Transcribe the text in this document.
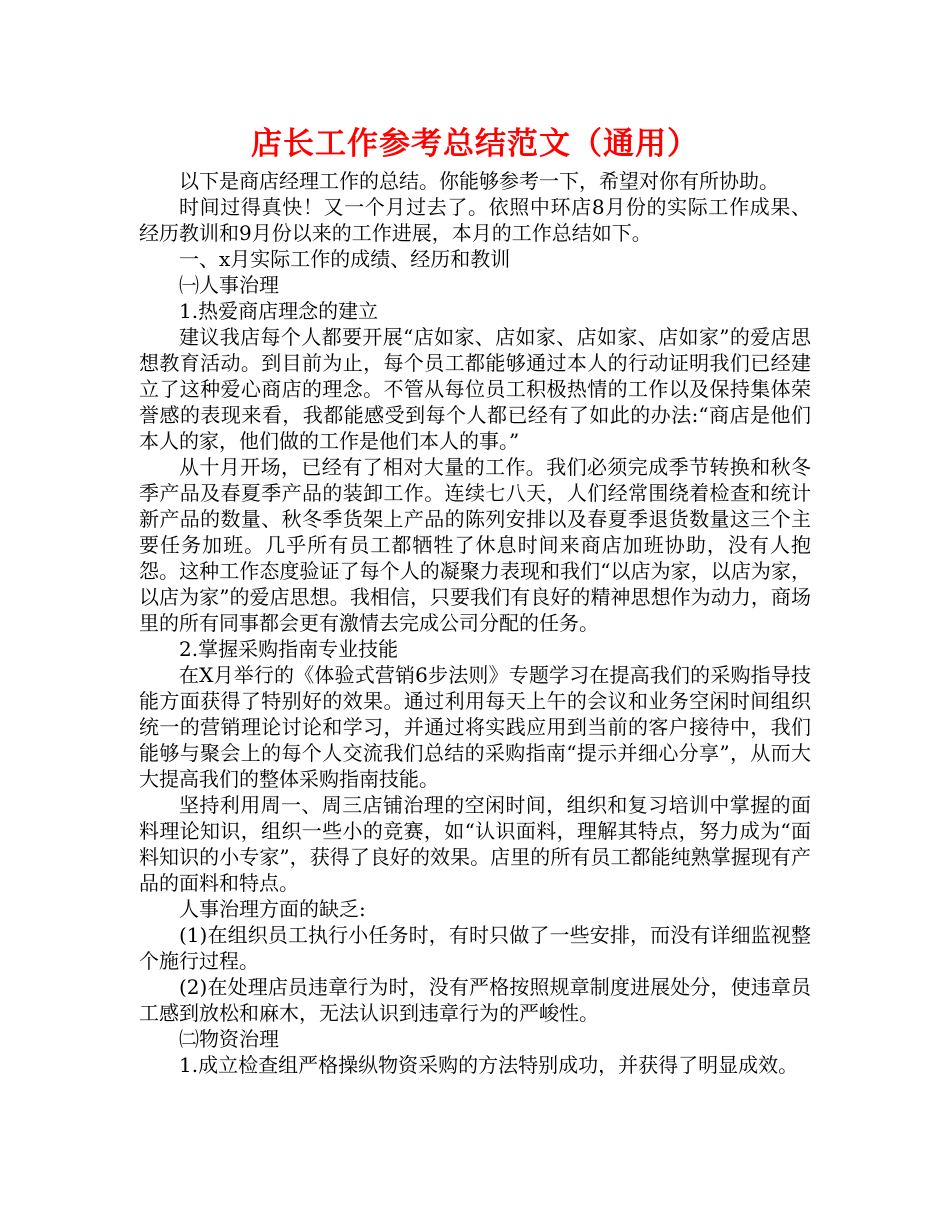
店长工作参考总结范文（通用）

以下是商店经理工作的总结。你能够参考一下，希望对你有所协助。

时间过得真快！又一个月过去了。依照中环店8月份的实际工作成果、经历教训和9月份以来的工作进展，本月的工作总结如下。

一、x月实际工作的成绩、经历和教训

㈠人事治理

1.热爱商店理念的建立

建议我店每个人都要开展“店如家、店如家、店如家、店如家”的爱店思想教育活动。到目前为止，每个员工都能够通过本人的行动证明我们已经建立了这种爱心商店的理念。不管从每位员工积极热情的工作以及保持集体荣誉感的表现来看，我都能感受到每个人都已经有了如此的办法:“商店是他们本人的家，他们做的工作是他们本人的事。”

从十月开场，已经有了相对大量的工作。我们必须完成季节转换和秋冬季产品及春夏季产品的装卸工作。连续七八天，人们经常围绕着检查和统计新产品的数量、秋冬季货架上产品的陈列安排以及春夏季退货数量这三个主要任务加班。几乎所有员工都牺牲了休息时间来商店加班协助，没有人抱怨。这种工作态度验证了每个人的凝聚力表现和我们“以店为家，以店为家，以店为家”的爱店思想。我相信，只要我们有良好的精神思想作为动力，商场里的所有同事都会更有激情去完成公司分配的任务。

2.掌握采购指南专业技能

在X月举行的《体验式营销6步法则》专题学习在提高我们的采购指导技能方面获得了特别好的效果。通过利用每天上午的会议和业务空闲时间组织统一的营销理论讨论和学习，并通过将实践应用到当前的客户接待中，我们能够与聚会上的每个人交流我们总结的采购指南“提示并细心分享”，从而大大提高我们的整体采购指南技能。

坚持利用周一、周三店铺治理的空闲时间，组织和复习培训中掌握的面料理论知识，组织一些小的竞赛，如“认识面料，理解其特点，努力成为“面料知识的小专家”，获得了良好的效果。店里的所有员工都能纯熟掌握现有产品的面料和特点。

人事治理方面的缺乏:

(1)在组织员工执行小任务时，有时只做了一些安排，而没有详细监视整个施行过程。

(2)在处理店员违章行为时，没有严格按照规章制度进展处分，使违章员工感到放松和麻木，无法认识到违章行为的严峻性。

㈡物资治理

1.成立检查组严格操纵物资采购的方法特别成功，并获得了明显成效。
